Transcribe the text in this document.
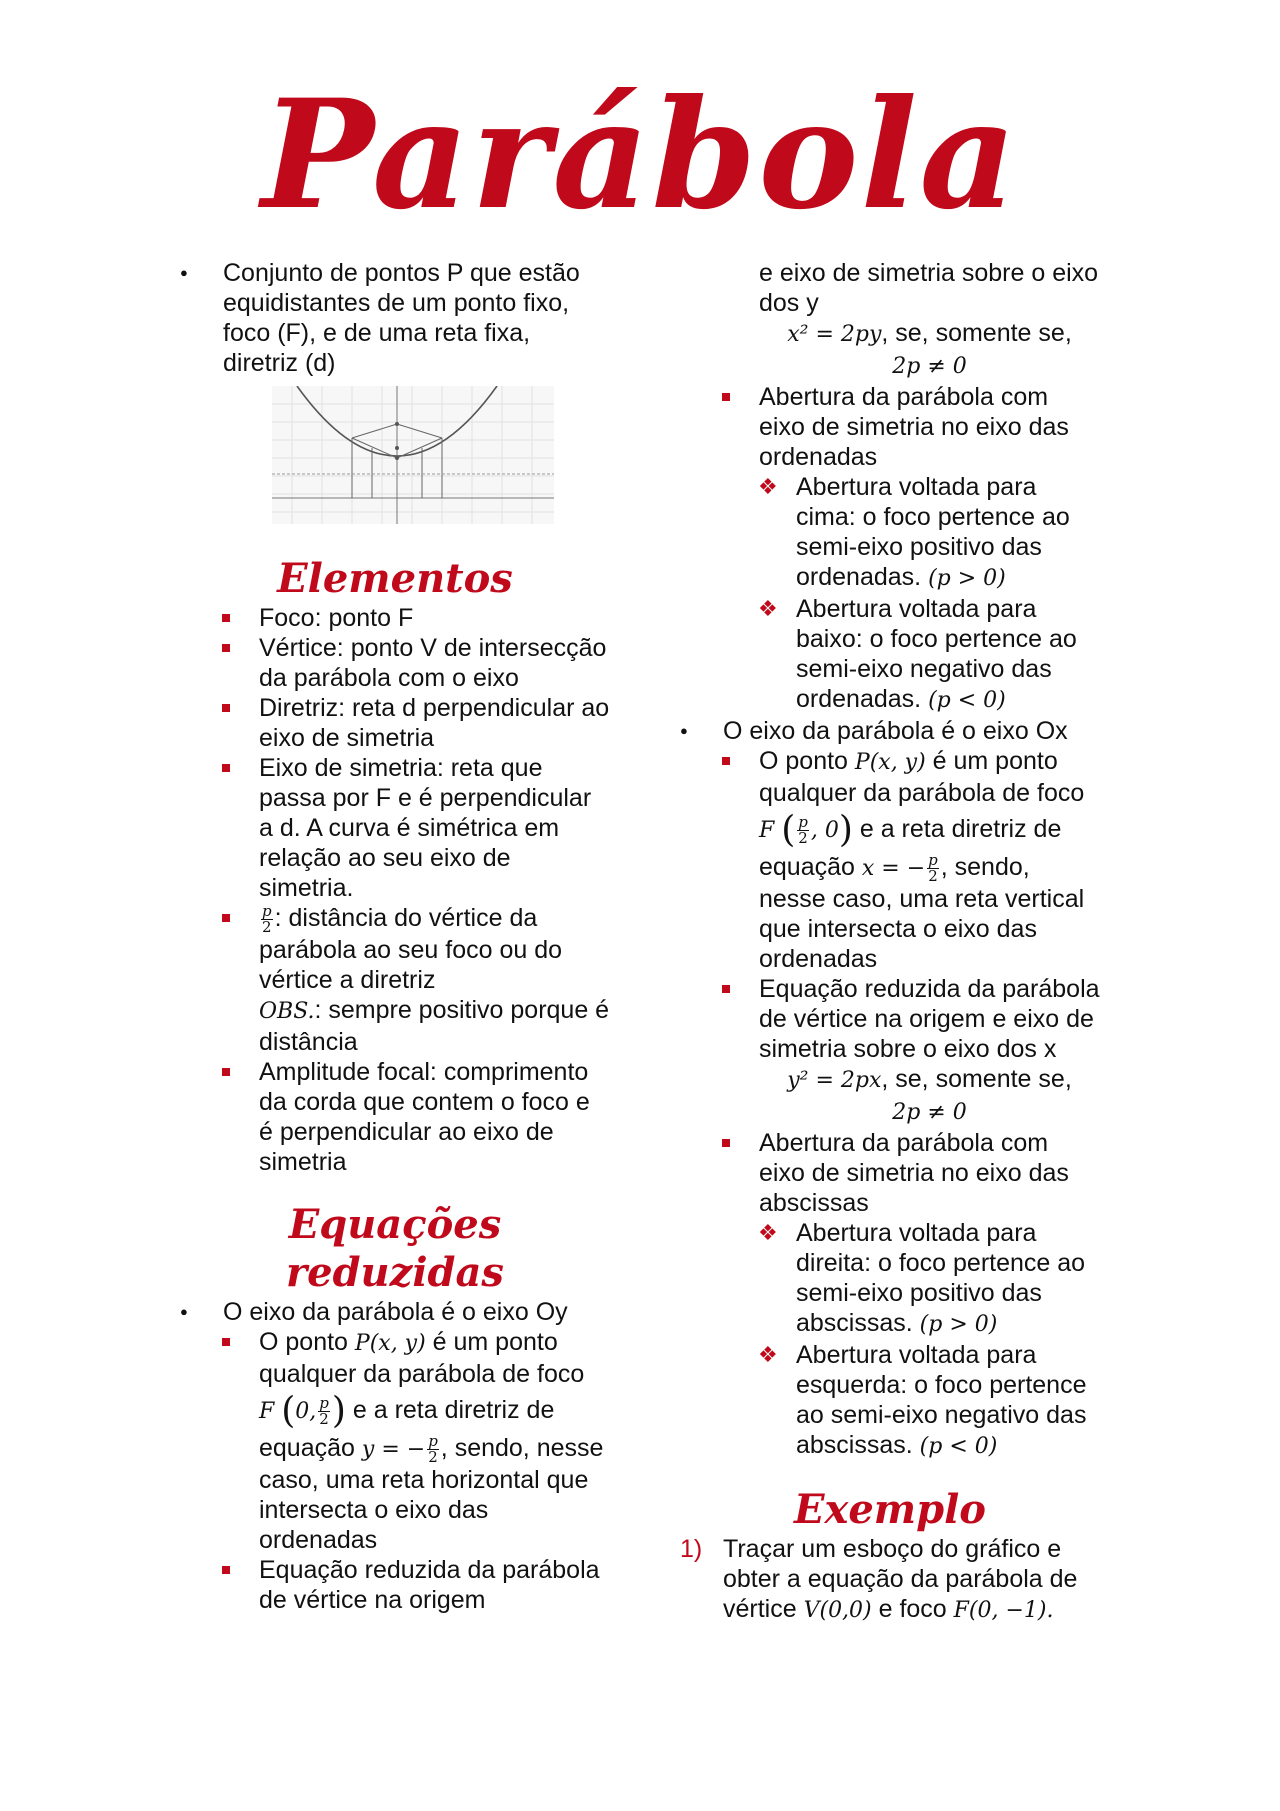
Parábola
● Conjunto de pontos P que estão equidistantes de um ponto fixo, foco (F), e de uma reta fixa, diretriz (d)
Elementos
Foco: ponto F
Vértice: ponto V de intersecção da parábola com o eixo
Diretriz: reta d perpendicular ao eixo de simetria
Eixo de simetria: reta que passa por F e é perpendicular a d. A curva é simétrica em relação ao seu eixo de simetria.
$\frac{p}{2}$ : distância do vértice da parábola ao seu foco ou do vértice a diretriz
OBS.: sempre positivo porque é distância
Amplitude focal: comprimento da corda que contem o foco e é perpendicular ao eixo de simetria
Equações reduzidas
● O eixo da parábola é o eixo Oy
O ponto P(x, y) é um ponto qualquer da parábola de foco
F (0, $\frac{p}{2}$ ) e a reta diretriz de
equação y = − $\frac{p}{2}$ , sendo, nesse caso, uma reta horizontal que intersecta o eixo das ordenadas
Equação reduzida da parábola de vértice na origem
e eixo de simetria sobre o eixo dos y
x² = 2py, se, somente se,
2p ≠ 0
Abertura da parábola com eixo de simetria no eixo das ordenadas
❖ Abertura voltada para cima: o foco pertence ao semi-eixo positivo das ordenadas. (p > 0)
❖ Abertura voltada para baixo: o foco pertence ao semi-eixo negativo das ordenadas. (p < 0)
● O eixo da parábola é o eixo Ox
O ponto P(x, y) é um ponto qualquer da parábola de foco
F ( $\frac{p}{2}$ , 0) e a reta diretriz de
equação x = − $\frac{p}{2}$ , sendo, nesse caso, uma reta vertical que intersecta o eixo das ordenadas
Equação reduzida da parábola de vértice na origem e eixo de simetria sobre o eixo dos x
y² = 2px, se, somente se,
2p ≠ 0
Abertura da parábola com eixo de simetria no eixo das abscissas
❖ Abertura voltada para direita: o foco pertence ao semi-eixo positivo das abscissas. (p > 0)
❖ Abertura voltada para esquerda: o foco pertence ao semi-eixo negativo das abscissas. (p < 0)
Exemplo
1) Traçar um esboço do gráfico e obter a equação da parábola de vértice V(0,0) e foco F(0, −1).
